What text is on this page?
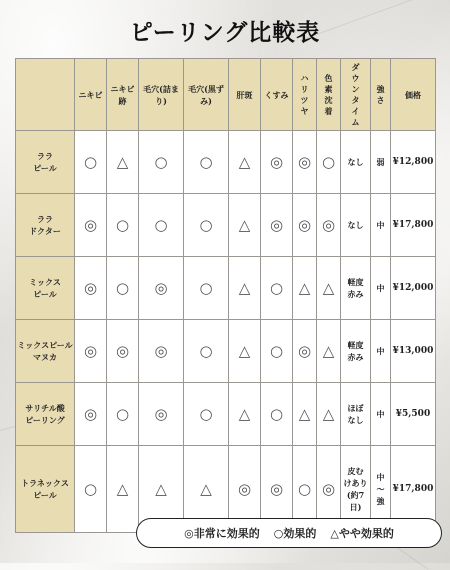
ピーリング比較表
	ニキビ	ニキビ跡	毛穴(詰まり)	毛穴(黒ずみ)	肝斑	くすみ	ハリツヤ	色素沈着	ダウンタイム	強さ	価格
ララ
ピール	○	△	○	○	△	◎	◎	○	なし	弱	¥12,800
ララ
ドクター	◎	○	○	○	△	◎	◎	◎	なし	中	¥17,800
ミックス
ピール	◎	○	◎	○	△	○	△	△	軽度
赤み	中	¥12,000
ミックスピール
マヌカ	◎	◎	◎	○	△	○	◎	△	軽度
赤み	中	¥13,000
サリチル酸
ピーリング	◎	○	◎	○	△	○	△	△	ほぼ
なし	中	¥5,500
トラネックス
ピール	○	△	△	△	◎	◎	○	◎	皮む
けあり
(約7
日)	中
〜
強	¥17,800
◎非常に効果的 ○効果的 △やや効果的
